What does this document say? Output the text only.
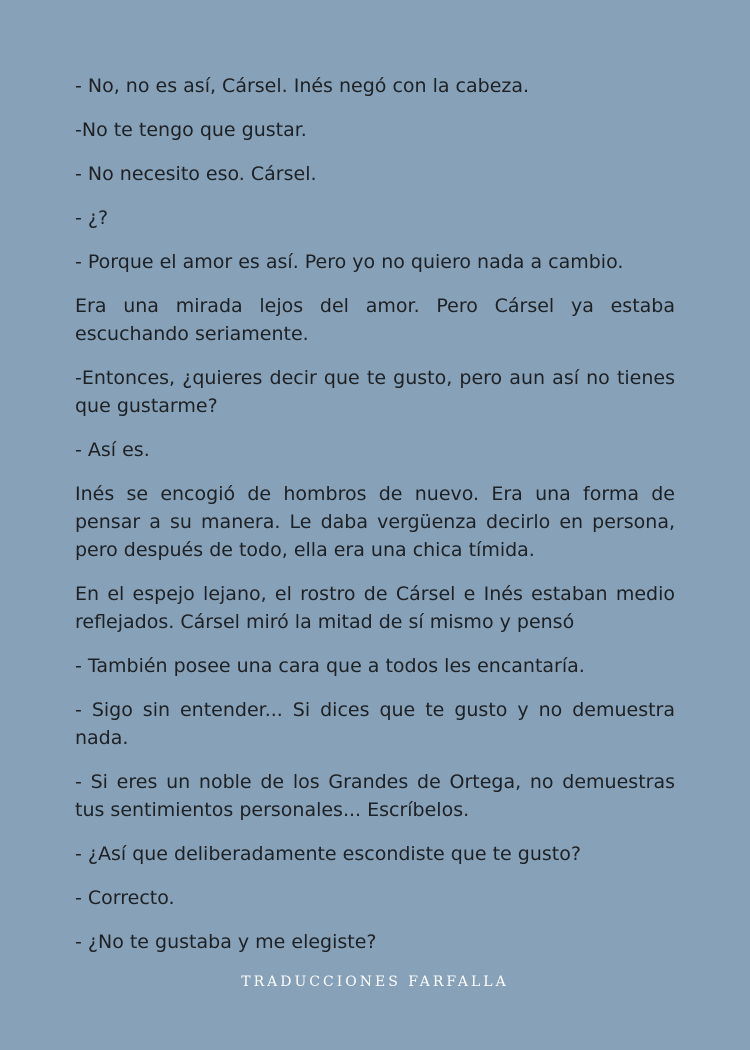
- No, no es así, Cársel. Inés negó con la cabeza.

-No te tengo que gustar.

- No necesito eso. Cársel.

- ¿?

- Porque el amor es así. Pero yo no quiero nada a cambio.

Era una mirada lejos del amor. Pero Cársel ya estaba escuchando seriamente.

-Entonces, ¿quieres decir que te gusto, pero aun así no tienes que gustarme?

- Así es.

Inés se encogió de hombros de nuevo. Era una forma de pensar a su manera. Le daba vergüenza decirlo en persona, pero después de todo, ella era una chica tímida.

En el espejo lejano, el rostro de Cársel e Inés estaban medio reflejados. Cársel miró la mitad de sí mismo y pensó

- También posee una cara que a todos les encantaría.

- Sigo sin entender... Si dices que te gusto y no demuestra nada.

- Si eres un noble de los Grandes de Ortega, no demuestras tus sentimientos personales... Escríbelos.

- ¿Así que deliberadamente escondiste que te gusto?

- Correcto.

- ¿No te gustaba y me elegiste?

TRADUCCIONES FARFALLA
